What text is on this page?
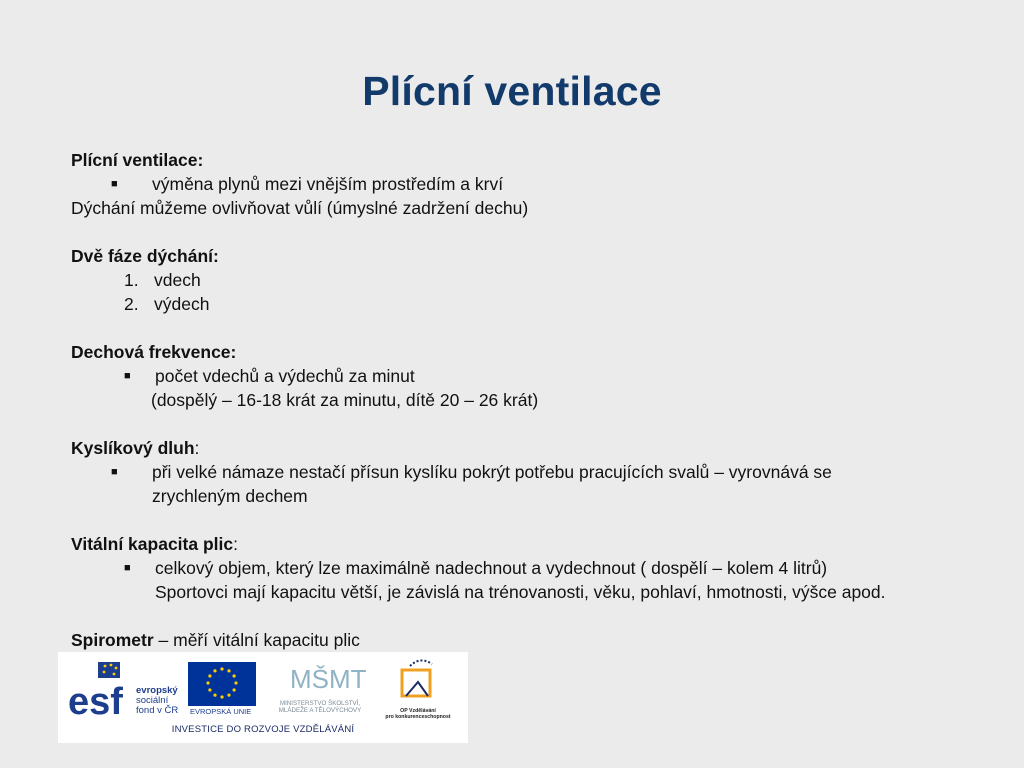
Plícní ventilace
Plícní ventilace:
■ výměna plynů mezi vnějším prostředím a krví
Dýchání můžeme ovlivňovat vůlí (úmyslné zadržení dechu)
Dvě fáze dýchání:
1. vdech
2. výdech
Dechová frekvence:
■ počet vdechů a výdechů za minut
(dospělý – 16-18 krát za minutu, dítě 20 – 26 krát)
Kyslíkový dluh:
■ při velké námaze nestačí přísun kyslíku pokrýt potřebu pracujících svalů – vyrovnává se
zrychleným dechem
Vitální kapacita plic:
■ celkový objem, který lze maximálně nadechnout a vydechnout ( dospělí – kolem 4 litrů)
Sportovci mají kapacitu větší, je závislá na trénovanosti, věku, pohlaví, hmotnosti, výšce apod.
Spirometr – měří vitální kapacitu plic
esf
MŠMT
evropský
sociální
fond v ČR EVROPSKÁ UNIE
MINISTERSTVO ŠKOLSTVÍ,
MLÁDEŽE A TĚLOVÝCHOVY	OP Vzdělávání
pro konkurenceschopnost
INVESTICE DO ROZVOJE VZDĚLÁVÁNÍ
